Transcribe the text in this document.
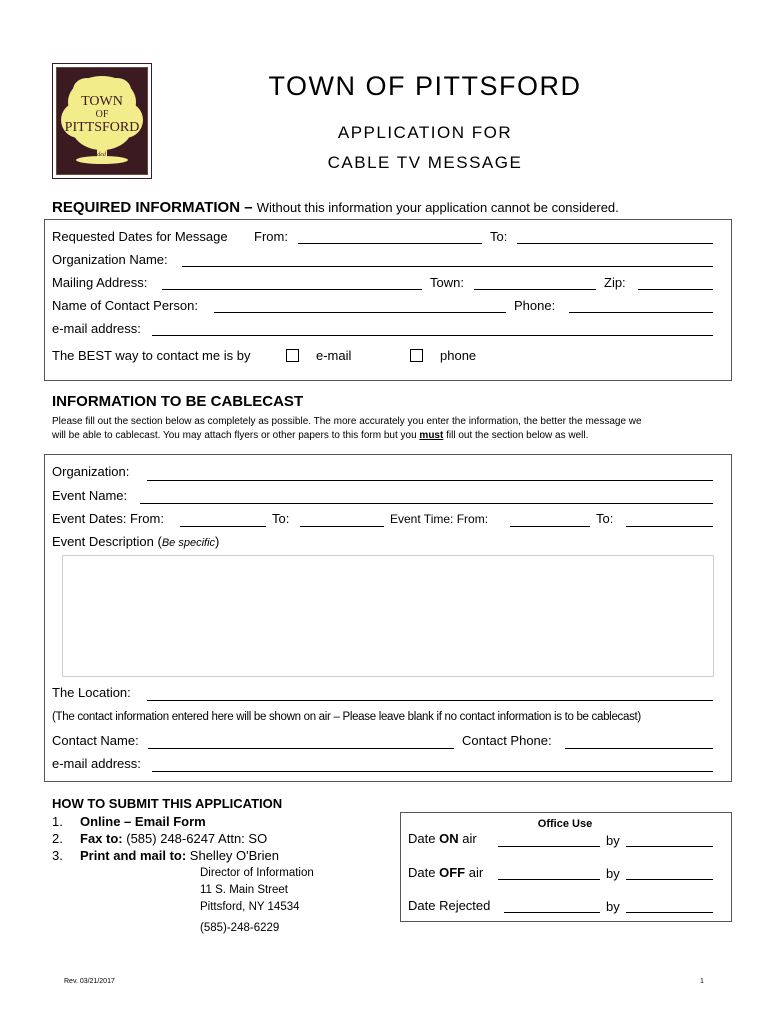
TOWN
OF
PITTSFORD
Founded 1789
TOWN OF PITTSFORD
APPLICATION FOR
CABLE TV MESSAGE
REQUIRED INFORMATION – Without this information your application cannot be considered.
Requested Dates for Message From:	To:
Organization Name:
Mailing Address:	Town:	Zip:
Name of Contact Person:	Phone:
e-mail address:
The BEST way to contact me is by	e-mail	phone
INFORMATION TO BE CABLECAST
Please fill out the section below as completely as possible. The more accurately you enter the information, the better the message we
will be able to cablecast. You may attach flyers or other papers to this form but you must fill out the section below as well.
Organization:
Event Name:
Event Dates: From:	To:	Event Time: From:	To:
Event Description (Be specific)
The Location:
(The contact information entered here will be shown on air – Please leave blank if no contact information is to be cablecast)
Contact Name:	Contact Phone:
e-mail address:
HOW TO SUBMIT THIS APPLICATION
1. Online – Email Form
2. Fax to: (585) 248-6247 Attn: SO
3. Print and mail to: Shelley O'Brien
Director of Information
11 S. Main Street
Pittsford, NY 14534
(585)-248-6229
Office Use
Date ON air	by
Date OFF air	by
Date Rejected	by
Rev. 03/21/2017	1
